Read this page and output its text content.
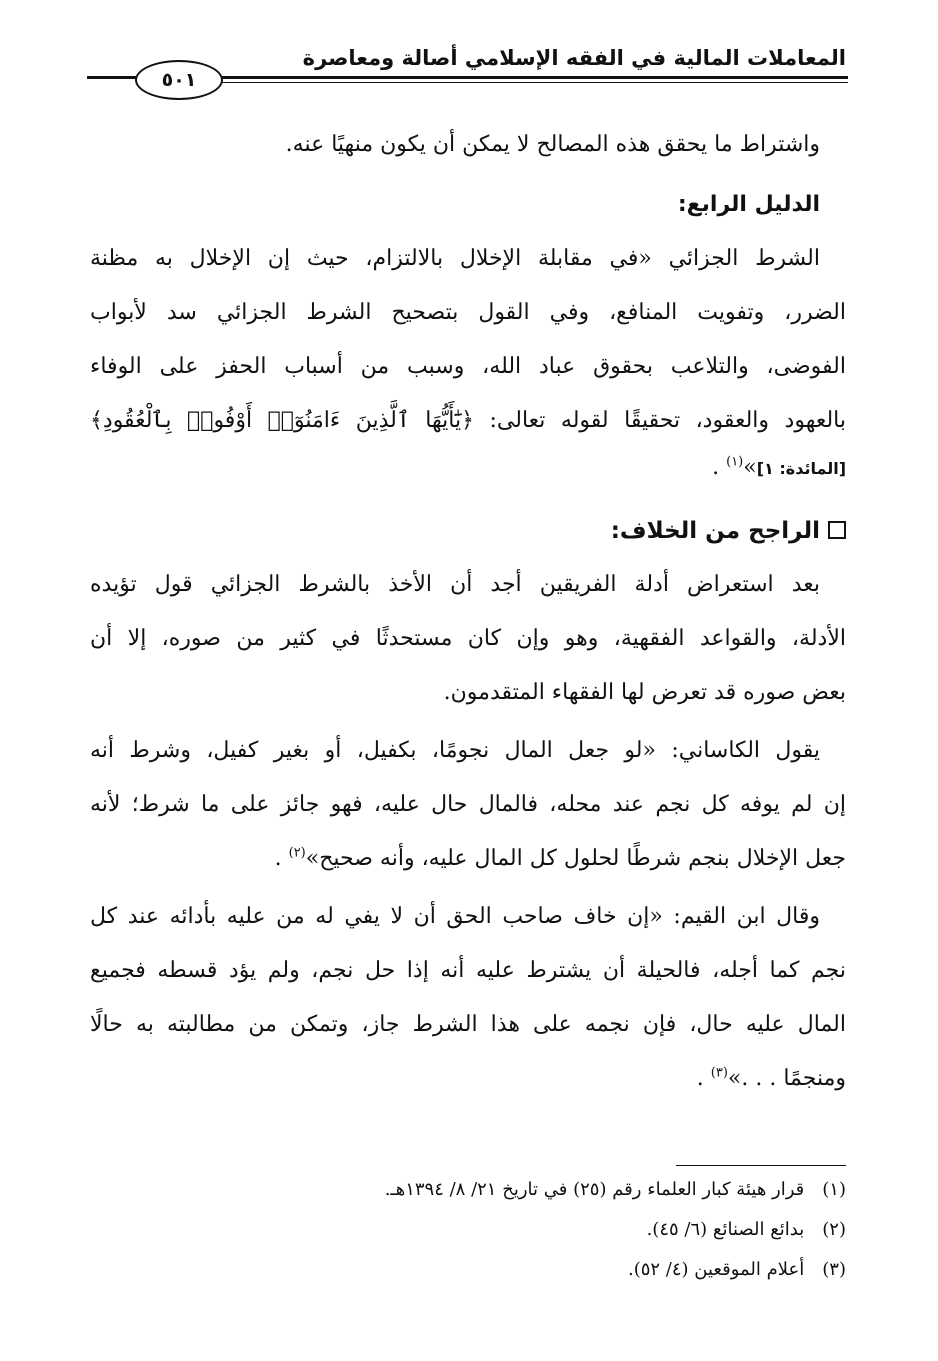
المعاملات المالية في الفقه الإسلامي أصالة ومعاصرة
٥٠١
واشتراط ما يحقق هذه المصالح لا يمكن أن يكون منهيًا عنه.
الدليل الرابع:
الشرط الجزائي «في مقابلة الإخلال بالالتزام، حيث إن الإخلال به مظنة
الضرر، وتفويت المنافع، وفي القول بتصحيح الشرط الجزائي سد لأبواب
الفوضى، والتلاعب بحقوق عباد الله، وسبب من أسباب الحفز على الوفاء
بالعهود والعقود، تحقيقًا لقوله تعالى: ﴿يَٰٓأَيُّهَا ٱلَّذِينَ ءَامَنُوٓا۟ أَوْفُوا۟ بِٱلْعُقُودِ﴾
[المائدة: ١]»$^{(١)}$ .
الراجح من الخلاف:
بعد استعراض أدلة الفريقين أجد أن الأخذ بالشرط الجزائي قول تؤيده
الأدلة، والقواعد الفقهية، وهو وإن كان مستحدثًا في كثير من صوره، إلا أن
بعض صوره قد تعرض لها الفقهاء المتقدمون.
يقول الكاساني: «لو جعل المال نجومًا، بكفيل، أو بغير كفيل، وشرط أنه
إن لم يوفه كل نجم عند محله، فالمال حال عليه، فهو جائز على ما شرط؛ لأنه
جعل الإخلال بنجم شرطًا لحلول كل المال عليه، وأنه صحيح»$^{(٢)}$ .
وقال ابن القيم: «إن خاف صاحب الحق أن لا يفي له من عليه بأدائه عند كل
نجم كما أجله، فالحيلة أن يشترط عليه أنه إذا حل نجم، ولم يؤد قسطه فجميع
المال عليه حال، فإن نجمه على هذا الشرط جاز، وتمكن من مطالبته به حالًا
ومنجمًا . . .»$^{(٣)}$ .
(١) قرار هيئة كبار العلماء رقم (٢٥) في تاريخ ٢١/ ٨/ ١٣٩٤هـ.
(٢) بدائع الصنائع (٦/ ٤٥).
(٣) أعلام الموقعين (٤/ ٥٢).
